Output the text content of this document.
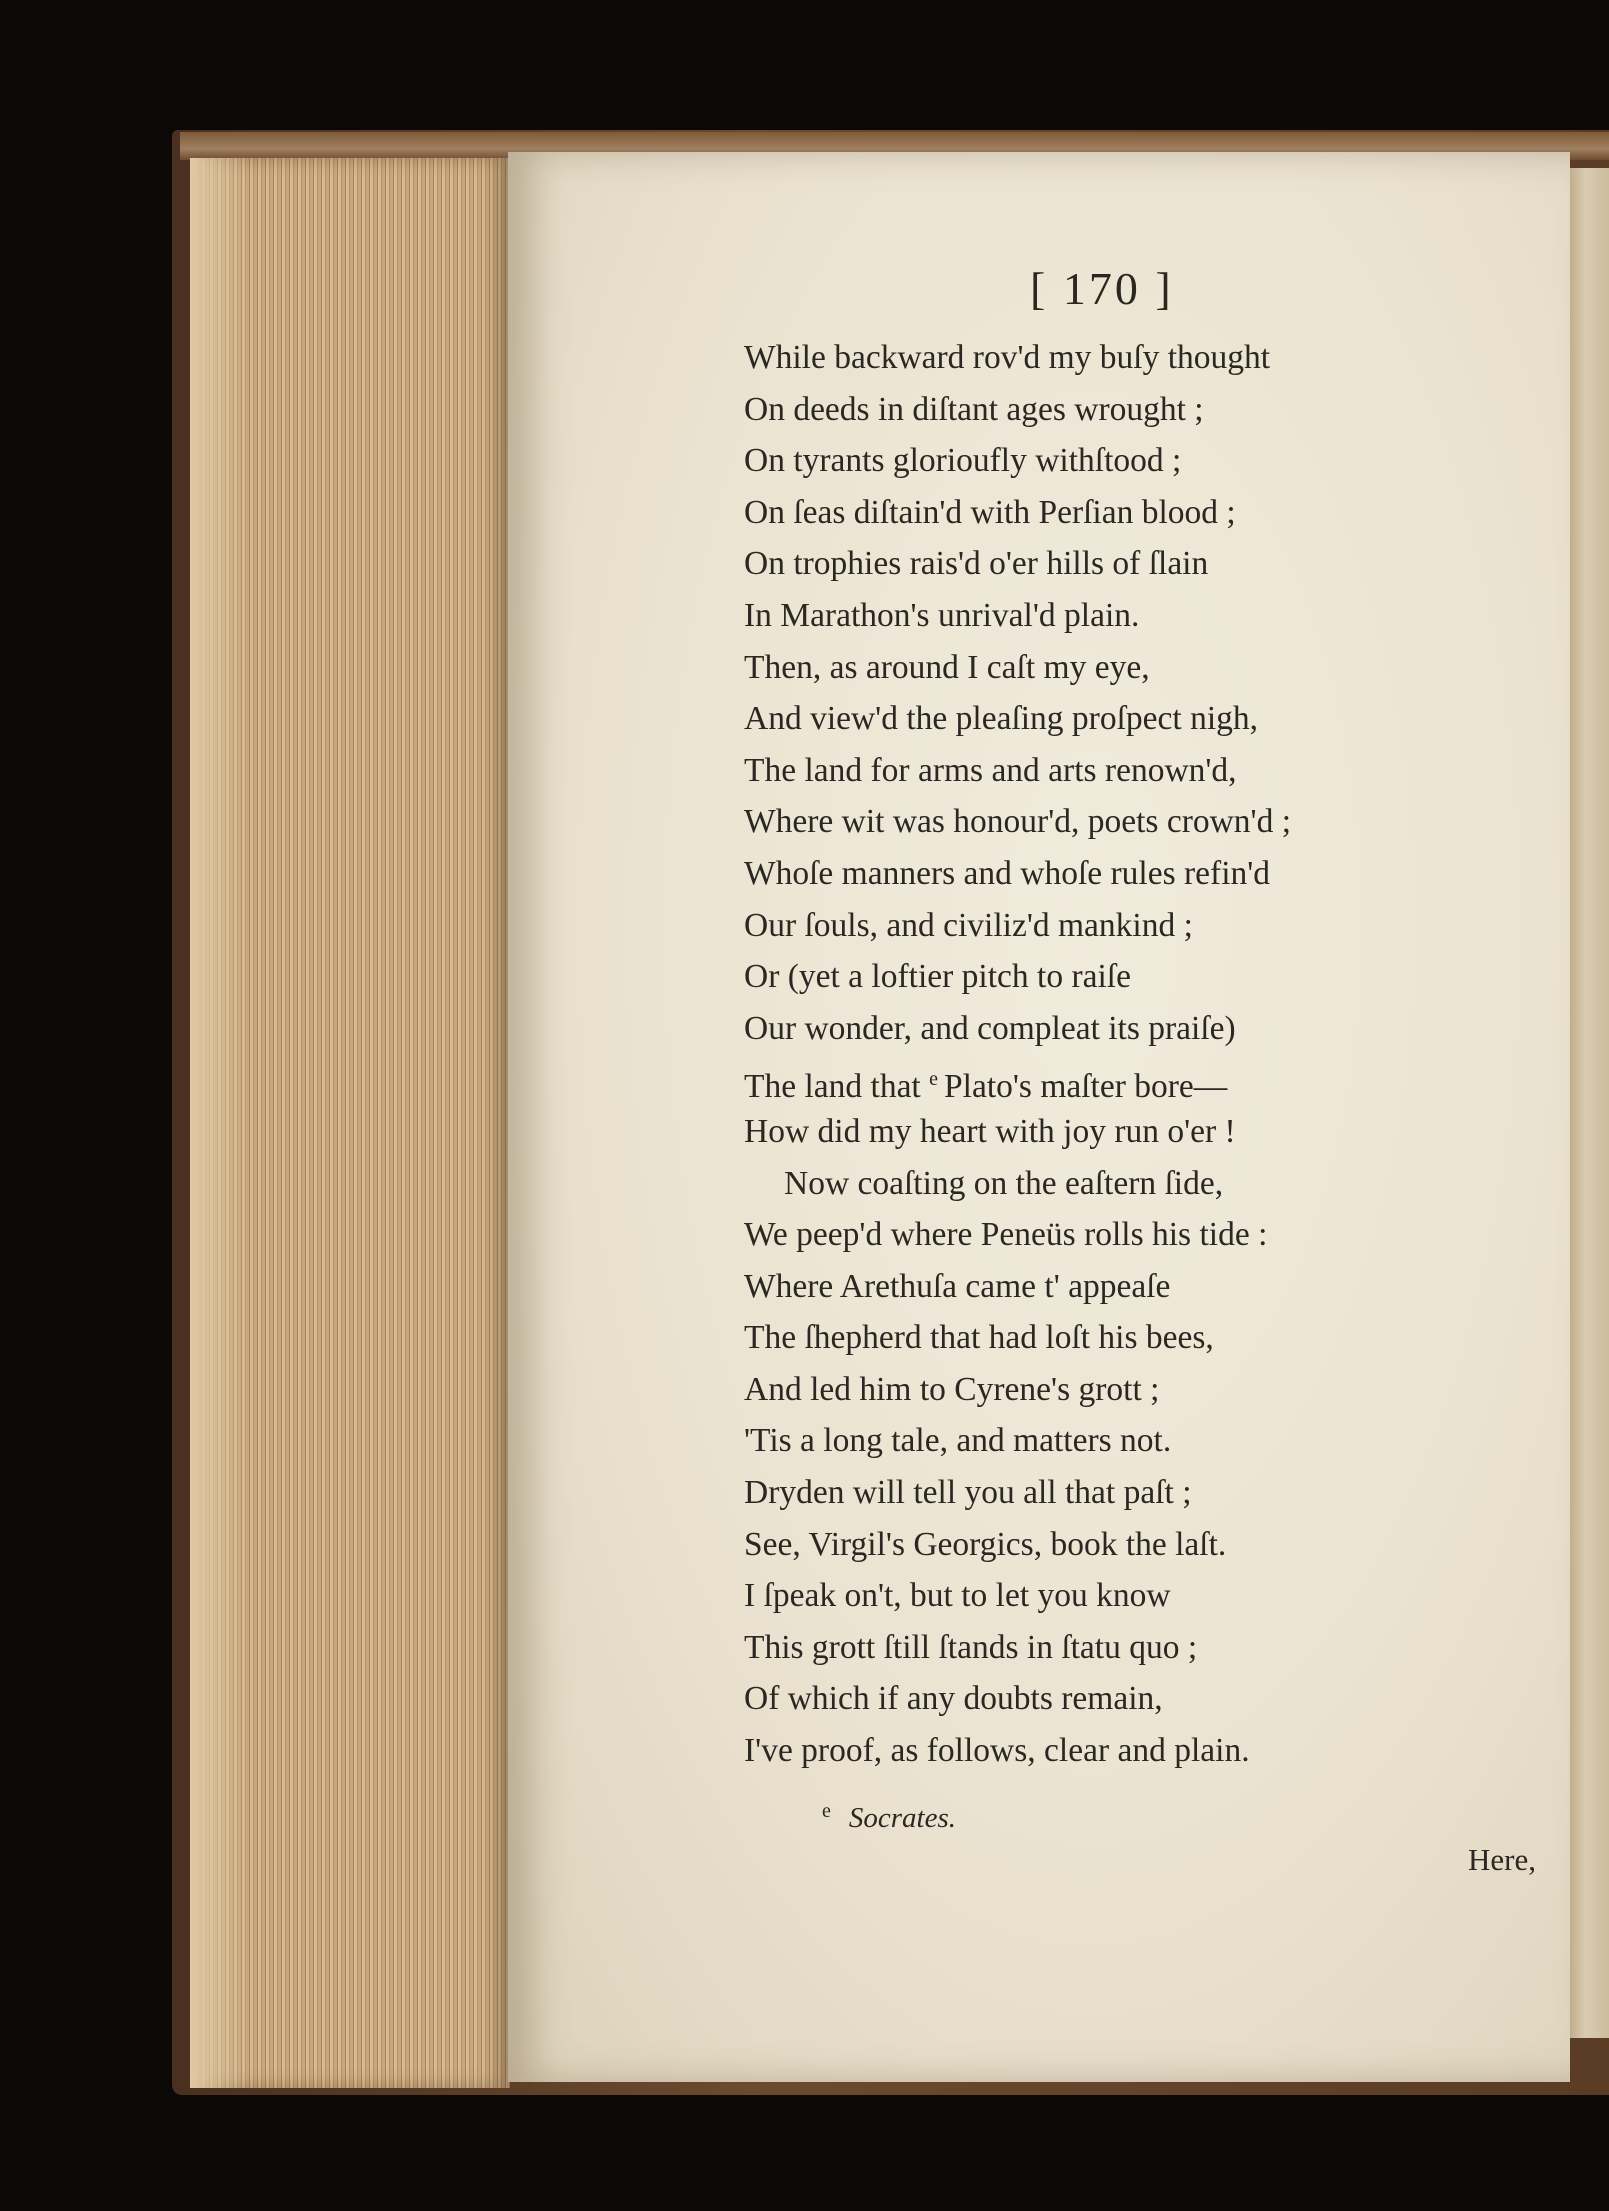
[ 170 ]
While backward rov'd my buſy thought
On deeds in diſtant ages wrought ;
On tyrants glorioufly withſtood ;
On ſeas diſtain'd with Perſian blood ;
On trophies rais'd o'er hills of ſlain
In Marathon's unrival'd plain.
Then, as around I caſt my eye,
And view'd the pleaſing proſpect nigh,
The land for arms and arts renown'd,
Where wit was honour'd, poets crown'd ;
Whoſe manners and whoſe rules refin'd
Our ſouls, and civiliz'd mankind ;
Or (yet a loftier pitch to raiſe
Our wonder, and compleat its praiſe)
The land that $^e$ Plato's maſter bore—
How did my heart with joy run o'er !
Now coaſting on the eaſtern ſide,
We peep'd where Peneüs rolls his tide :
Where Arethuſa came t' appeaſe
The ſhepherd that had loſt his bees,
And led him to Cyrene's grott ;
'Tis a long tale, and matters not.
Dryden will tell you all that paſt ;
See, Virgil's Georgics, book the laſt.
I ſpeak on't, but to let you know
This grott ſtill ſtands in ſtatu quo ;
Of which if any doubts remain,
I've proof, as follows, clear and plain.
$^e$ Socrates.
Here,
